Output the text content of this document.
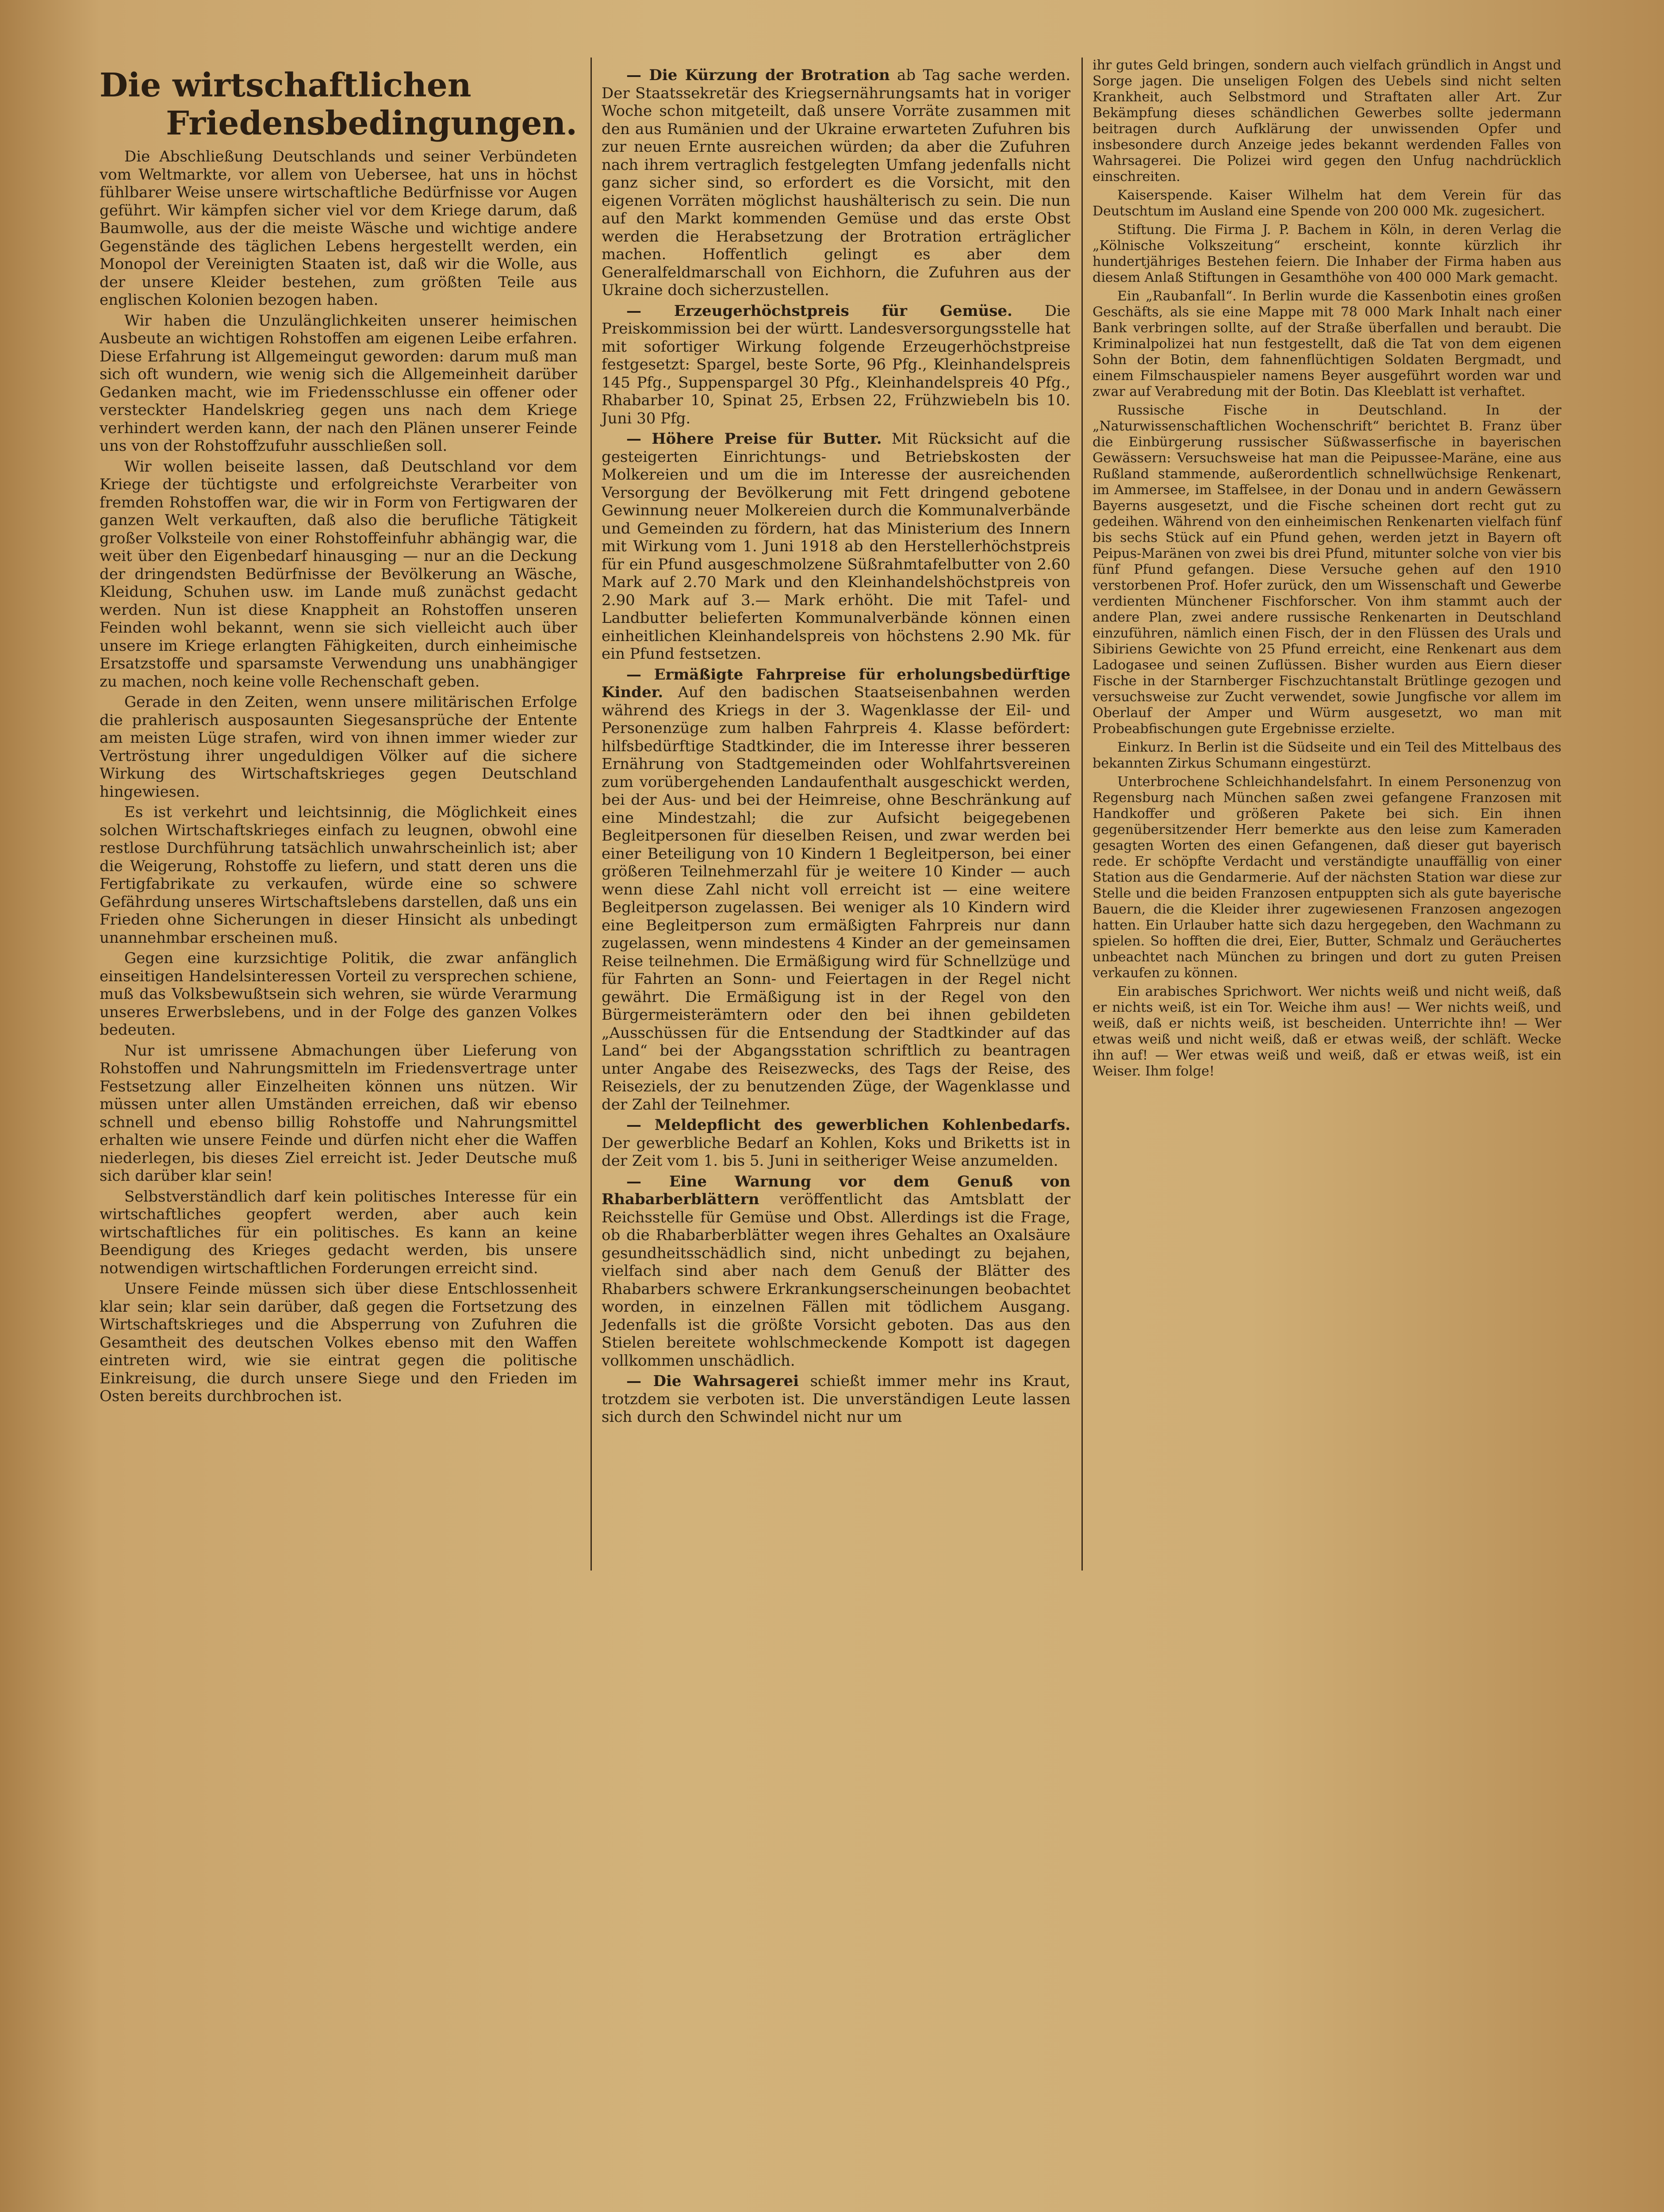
Die wirtschaftlichen
Friedensbedingungen.

Die Abschließung Deutschlands und seiner Verbündeten vom Weltmarkte, vor allem von Uebersee, hat uns in höchst fühlbarer Weise unsere wirtschaftliche Bedürfnisse vor Augen geführt. Wir kämpfen sicher viel vor dem Kriege darum, daß Baumwolle, aus der die meiste Wäsche und wichtige andere Gegenstände des täglichen Lebens hergestellt werden, ein Monopol der Vereinigten Staaten ist, daß wir die Wolle, aus der unsere Kleider bestehen, zum größten Teile aus englischen Kolonien bezogen haben.

Wir haben die Unzulänglichkeiten unserer heimischen Ausbeute an wichtigen Rohstoffen am eigenen Leibe erfahren. Diese Erfahrung ist Allgemeingut geworden: darum muß man sich oft wundern, wie wenig sich die Allgemeinheit darüber Gedanken macht, wie im Friedensschlusse ein offener oder versteckter Handelskrieg gegen uns nach dem Kriege verhindert werden kann, der nach den Plänen unserer Feinde uns von der Rohstoffzufuhr ausschließen soll.

Wir wollen beiseite lassen, daß Deutschland vor dem Kriege der tüchtigste und erfolgreichste Verarbeiter von fremden Rohstoffen war, die wir in Form von Fertigwaren der ganzen Welt verkauften, daß also die berufliche Tätigkeit großer Volksteile von einer Rohstoffeinfuhr abhängig war, die weit über den Eigenbedarf hinausging — nur an die Deckung der dringendsten Bedürfnisse der Bevölkerung an Wäsche, Kleidung, Schuhen usw. im Lande muß zunächst gedacht werden. Nun ist diese Knappheit an Rohstoffen unseren Feinden wohl bekannt, wenn sie sich vielleicht auch über unsere im Kriege erlangten Fähigkeiten, durch einheimische Ersatzstoffe und sparsamste Verwendung uns unabhängiger zu machen, noch keine volle Rechenschaft geben.

Gerade in den Zeiten, wenn unsere militärischen Erfolge die prahlerisch ausposaunten Siegesansprüche der Entente am meisten Lüge strafen, wird von ihnen immer wieder zur Vertröstung ihrer ungeduldigen Völker auf die sichere Wirkung des Wirtschaftskrieges gegen Deutschland hingewiesen.

Es ist verkehrt und leichtsinnig, die Möglichkeit eines solchen Wirtschaftskrieges einfach zu leugnen, obwohl eine restlose Durchführung tatsächlich unwahrscheinlich ist; aber die Weigerung, Rohstoffe zu liefern, und statt deren uns die Fertigfabrikate zu verkaufen, würde eine so schwere Gefährdung unseres Wirtschaftslebens darstellen, daß uns ein Frieden ohne Sicherungen in dieser Hinsicht als unbedingt unannehmbar erscheinen muß.

Gegen eine kurzsichtige Politik, die zwar anfänglich einseitigen Handelsinteressen Vorteil zu versprechen schiene, muß das Volksbewußtsein sich wehren, sie würde Verarmung unseres Erwerbslebens, und in der Folge des ganzen Volkes bedeuten.

Nur ist umrissene Abmachungen über Lieferung von Rohstoffen und Nahrungsmitteln im Friedensvertrage unter Festsetzung aller Einzelheiten können uns nützen. Wir müssen unter allen Umständen erreichen, daß wir ebenso schnell und ebenso billig Rohstoffe und Nahrungsmittel erhalten wie unsere Feinde und dürfen nicht eher die Waffen niederlegen, bis dieses Ziel erreicht ist. Jeder Deutsche muß sich darüber klar sein!

Selbstverständlich darf kein politisches Interesse für ein wirtschaftliches geopfert werden, aber auch kein wirtschaftliches für ein politisches. Es kann an keine Beendigung des Krieges gedacht werden, bis unsere notwendigen wirtschaftlichen Forderungen erreicht sind.

Unsere Feinde müssen sich über diese Entschlossenheit klar sein; klar sein darüber, daß gegen die Fortsetzung des Wirtschaftskrieges und die Absperrung von Zufuhren die Gesamtheit des deutschen Volkes ebenso mit den Waffen eintreten wird, wie sie eintrat gegen die politische Einkreisung, die durch unsere Siege und den Frieden im Osten bereits durchbrochen ist.

— Die Kürzung der Brotration ab Tag sache werden. Der Staatssekretär des Kriegsernährungsamts hat in voriger Woche schon mitgeteilt, daß unsere Vorräte zusammen mit den aus Rumänien und der Ukraine erwarteten Zufuhren bis zur neuen Ernte ausreichen würden; da aber die Zufuhren nach ihrem vertraglich festgelegten Umfang jedenfalls nicht ganz sicher sind, so erfordert es die Vorsicht, mit den eigenen Vorräten möglichst haushälterisch zu sein. Die nun auf den Markt kommenden Gemüse und das erste Obst werden die Herabsetzung der Brotration erträglicher machen. Hoffentlich gelingt es aber dem Generalfeldmarschall von Eichhorn, die Zufuhren aus der Ukraine doch sicherzustellen.

— Erzeugerhöchstpreis für Gemüse. Die Preiskommission bei der württ. Landesversorgungsstelle hat mit sofortiger Wirkung folgende Erzeugerhöchstpreise festgesetzt: Spargel, beste Sorte, 96 Pfg., Kleinhandelspreis 145 Pfg., Suppenspargel 30 Pfg., Kleinhandelspreis 40 Pfg., Rhabarber 10, Spinat 25, Erbsen 22, Frühzwiebeln bis 10. Juni 30 Pfg.

— Höhere Preise für Butter. Mit Rücksicht auf die gesteigerten Einrichtungs- und Betriebskosten der Molkereien und um die im Interesse der ausreichenden Versorgung der Bevölkerung mit Fett dringend gebotene Gewinnung neuer Molkereien durch die Kommunalverbände und Gemeinden zu fördern, hat das Ministerium des Innern mit Wirkung vom 1. Juni 1918 ab den Herstellerhöchstpreis für ein Pfund ausgeschmolzene Süßrahmtafelbutter von 2.60 Mark auf 2.70 Mark und den Kleinhandelshöchstpreis von 2.90 Mark auf 3.— Mark erhöht. Die mit Tafel- und Landbutter belieferten Kommunalverbände können einen einheitlichen Kleinhandelspreis von höchstens 2.90 Mk. für ein Pfund festsetzen.

— Ermäßigte Fahrpreise für erholungsbedürftige Kinder. Auf den badischen Staatseisenbahnen werden während des Kriegs in der 3. Wagenklasse der Eil- und Personenzüge zum halben Fahrpreis 4. Klasse befördert: hilfsbedürftige Stadtkinder, die im Interesse ihrer besseren Ernährung von Stadtgemeinden oder Wohlfahrtsvereinen zum vorübergehenden Landaufenthalt ausgeschickt werden, bei der Aus- und bei der Heimreise, ohne Beschränkung auf eine Mindestzahl; die zur Aufsicht beigegebenen Begleitpersonen für dieselben Reisen, und zwar werden bei einer Beteiligung von 10 Kindern 1 Begleitperson, bei einer größeren Teilnehmerzahl für je weitere 10 Kinder — auch wenn diese Zahl nicht voll erreicht ist — eine weitere Begleitperson zugelassen. Bei weniger als 10 Kindern wird eine Begleitperson zum ermäßigten Fahrpreis nur dann zugelassen, wenn mindestens 4 Kinder an der gemeinsamen Reise teilnehmen. Die Ermäßigung wird für Schnellzüge und für Fahrten an Sonn- und Feiertagen in der Regel nicht gewährt. Die Ermäßigung ist in der Regel von den Bürgermeisterämtern oder den bei ihnen gebildeten „Ausschüssen für die Entsendung der Stadtkinder auf das Land“ bei der Abgangsstation schriftlich zu beantragen unter Angabe des Reisezwecks, des Tags der Reise, des Reiseziels, der zu benutzenden Züge, der Wagenklasse und der Zahl der Teilnehmer.

— Meldepflicht des gewerblichen Kohlenbedarfs. Der gewerbliche Bedarf an Kohlen, Koks und Briketts ist in der Zeit vom 1. bis 5. Juni in seitheriger Weise anzumelden.

— Eine Warnung vor dem Genuß von Rhabarberblättern veröffentlicht das Amtsblatt der Reichsstelle für Gemüse und Obst. Allerdings ist die Frage, ob die Rhabarberblätter wegen ihres Gehaltes an Oxalsäure gesundheitsschädlich sind, nicht unbedingt zu bejahen, vielfach sind aber nach dem Genuß der Blätter des Rhabarbers schwere Erkrankungserscheinungen beobachtet worden, in einzelnen Fällen mit tödlichem Ausgang. Jedenfalls ist die größte Vorsicht geboten. Das aus den Stielen bereitete wohlschmeckende Kompott ist dagegen vollkommen unschädlich.

— Die Wahrsagerei schießt immer mehr ins Kraut, trotzdem sie verboten ist. Die unverständigen Leute lassen sich durch den Schwindel nicht nur um

ihr gutes Geld bringen, sondern auch vielfach gründlich in Angst und Sorge jagen. Die unseligen Folgen des Uebels sind nicht selten Krankheit, auch Selbstmord und Straftaten aller Art. Zur Bekämpfung dieses schändlichen Gewerbes sollte jedermann beitragen durch Aufklärung der unwissenden Opfer und insbesondere durch Anzeige jedes bekannt werdenden Falles von Wahrsagerei. Die Polizei wird gegen den Unfug nachdrücklich einschreiten.

Kaiserspende. Kaiser Wilhelm hat dem Verein für das Deutschtum im Ausland eine Spende von 200 000 Mk. zugesichert.

Stiftung. Die Firma J. P. Bachem in Köln, in deren Verlag die „Kölnische Volkszeitung“ erscheint, konnte kürzlich ihr hundertjähriges Bestehen feiern. Die Inhaber der Firma haben aus diesem Anlaß Stiftungen in Gesamthöhe von 400 000 Mark gemacht.

Ein „Raubanfall“. In Berlin wurde die Kassenbotin eines großen Geschäfts, als sie eine Mappe mit 78 000 Mark Inhalt nach einer Bank verbringen sollte, auf der Straße überfallen und beraubt. Die Kriminalpolizei hat nun festgestellt, daß die Tat von dem eigenen Sohn der Botin, dem fahnenflüchtigen Soldaten Bergmadt, und einem Filmschauspieler namens Beyer ausgeführt worden war und zwar auf Verabredung mit der Botin. Das Kleeblatt ist verhaftet.

Russische Fische in Deutschland. In der „Naturwissenschaftlichen Wochenschrift“ berichtet B. Franz über die Einbürgerung russischer Süßwasserfische in bayerischen Gewässern: Versuchsweise hat man die Peipussee-Maräne, eine aus Rußland stammende, außerordentlich schnellwüchsige Renkenart, im Ammersee, im Staffelsee, in der Donau und in andern Gewässern Bayerns ausgesetzt, und die Fische scheinen dort recht gut zu gedeihen. Während von den einheimischen Renkenarten vielfach fünf bis sechs Stück auf ein Pfund gehen, werden jetzt in Bayern oft Peipus-Maränen von zwei bis drei Pfund, mitunter solche von vier bis fünf Pfund gefangen. Diese Versuche gehen auf den 1910 verstorbenen Prof. Hofer zurück, den um Wissenschaft und Gewerbe verdienten Münchener Fischforscher. Von ihm stammt auch der andere Plan, zwei andere russische Renkenarten in Deutschland einzuführen, nämlich einen Fisch, der in den Flüssen des Urals und Sibiriens Gewichte von 25 Pfund erreicht, eine Renkenart aus dem Ladogasee und seinen Zuflüssen. Bisher wurden aus Eiern dieser Fische in der Starnberger Fischzuchtanstalt Brütlinge gezogen und versuchsweise zur Zucht verwendet, sowie Jungfische vor allem im Oberlauf der Amper und Würm ausgesetzt, wo man mit Probeabfischungen gute Ergebnisse erzielte.

Einkurz. In Berlin ist die Südseite und ein Teil des Mittelbaus des bekannten Zirkus Schumann eingestürzt.

Unterbrochene Schleichhandelsfahrt. In einem Personenzug von Regensburg nach München saßen zwei gefangene Franzosen mit Handkoffer und größeren Pakete bei sich. Ein ihnen gegenübersitzender Herr bemerkte aus den leise zum Kameraden gesagten Worten des einen Gefangenen, daß dieser gut bayerisch rede. Er schöpfte Verdacht und verständigte unauffällig von einer Station aus die Gendarmerie. Auf der nächsten Station war diese zur Stelle und die beiden Franzosen entpuppten sich als gute bayerische Bauern, die die Kleider ihrer zugewiesenen Franzosen angezogen hatten. Ein Urlauber hatte sich dazu hergegeben, den Wachmann zu spielen. So hofften die drei, Eier, Butter, Schmalz und Geräuchertes unbeachtet nach München zu bringen und dort zu guten Preisen verkaufen zu können.

Ein arabisches Sprichwort. Wer nichts weiß und nicht weiß, daß er nichts weiß, ist ein Tor. Weiche ihm aus! — Wer nichts weiß, und weiß, daß er nichts weiß, ist bescheiden. Unterrichte ihn! — Wer etwas weiß und nicht weiß, daß er etwas weiß, der schläft. Wecke ihn auf! — Wer etwas weiß und weiß, daß er etwas weiß, ist ein Weiser. Ihm folge!
